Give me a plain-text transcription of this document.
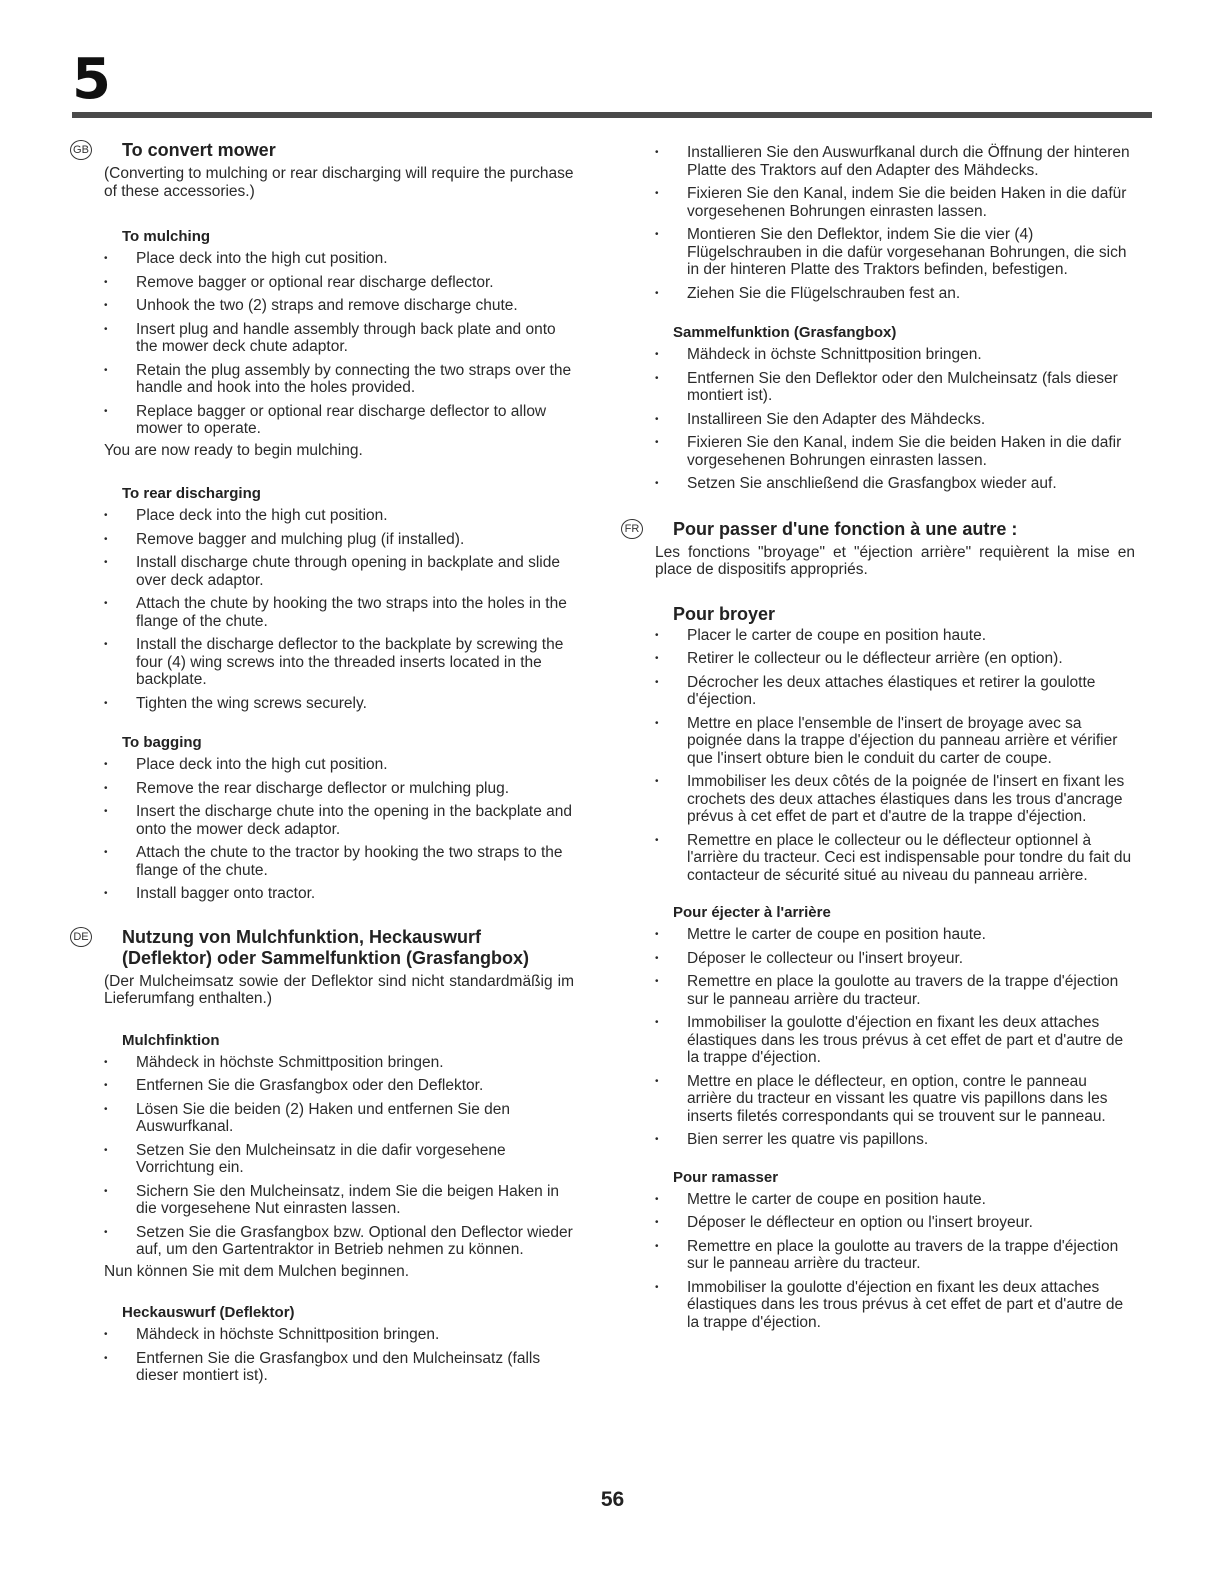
5
GB To convert mower

(Converting to mulching or rear discharging will require the purchase of these accessories.)

To mulching
• Place deck into the high cut position.
• Remove bagger or optional rear discharge deflector.
• Unhook the two (2) straps and remove discharge chute.
• Insert plug and handle assembly through back plate and onto the mower deck chute adaptor.
• Retain the plug assembly by connecting the two straps over the handle and hook into the holes provided.
• Replace bagger or optional rear discharge deflector to allow mower to operate.

You are now ready to begin mulching.

To rear discharging
• Place deck into the high cut position.
• Remove bagger and mulching plug (if installed).
• Install discharge chute through opening in backplate and slide over deck adaptor.
• Attach the chute by hooking the two straps into the holes in the flange of the chute.
• Install the discharge deflector to the backplate by screwing the four (4) wing screws into the threaded inserts located in the backplate.
• Tighten the wing screws securely.
To bagging
• Place deck into the high cut position.
• Remove the rear discharge deflector or mulching plug.
• Insert the discharge chute into the opening in the backplate and onto the mower deck adaptor.
• Attach the chute to the tractor by hooking the two straps to the flange of the chute.
• Install bagger onto tractor.
DE Nutzung von Mulchfunktion, Heckauswurf (Deflektor) oder Sammelfunktion (Grasfangbox)

(Der Mulcheimsatz sowie der Deflektor sind nicht standardmäßig im Lieferumfang enthalten.)

Mulchfinktion
• Mähdeck in höchste Schmittposition bringen.
• Entfernen Sie die Grasfangbox oder den Deflektor.
• Lösen Sie die beiden (2) Haken und entfernen Sie den Auswurfkanal.
• Setzen Sie den Mulcheinsatz in die dafir vorgesehene Vorrichtung ein.
• Sichern Sie den Mulcheinsatz, indem Sie die beigen Haken in die vorgesehene Nut einrasten lassen.
• Setzen Sie die Grasfangbox bzw. Optional den Deflector wieder auf, um den Gartentraktor in Betrieb nehmen zu können.

Nun können Sie mit dem Mulchen beginnen.

Heckauswurf (Deflektor)
• Mähdeck in höchste Schnittposition bringen.
• Entfernen Sie die Grasfangbox und den Mulcheinsatz (falls dieser montiert ist).
• Installieren Sie den Auswurfkanal durch die Öffnung der hinteren Platte des Traktors auf den Adapter des Mähdecks.
• Fixieren Sie den Kanal, indem Sie die beiden Haken in die dafür vorgesehenen Bohrungen einrasten lassen.
• Montieren Sie den Deflektor, indem Sie die vier (4) Flügelschrauben in die dafür vorgesehanan Bohrungen, die sich in der hinteren Platte des Traktors befinden, befestigen.
• Ziehen Sie die Flügelschrauben fest an.
Sammelfunktion (Grasfangbox)
• Mähdeck in öchste Schnittposition bringen.
• Entfernen Sie den Deflektor oder den Mulcheinsatz (fals dieser montiert ist).
• Installireen Sie den Adapter des Mähdecks.
• Fixieren Sie den Kanal, indem Sie die beiden Haken in die dafir vorgesehenen Bohrungen einrasten lassen.
• Setzen Sie anschließend die Grasfangbox wieder auf.
FR Pour passer d'une fonction à une autre :

Les fonctions "broyage" et "éjection arrière" requièrent la mise en place de dispositifs appropriés.

Pour broyer
• Placer le carter de coupe en position haute.
• Retirer le collecteur ou le déflecteur arrière (en option).
• Décrocher les deux attaches élastiques et retirer la goulotte d'éjection.
• Mettre en place l'ensemble de l'insert de broyage avec sa poignée dans la trappe d'éjection du panneau arrière et vérifier que l'insert obture bien le conduit du carter de coupe.
• Immobiliser les deux côtés de la poignée de l'insert en fixant les crochets des deux attaches élastiques dans les trous d'ancrage prévus à cet effet de part et d'autre de la trappe d'éjection.
• Remettre en place le collecteur ou le déflecteur optionnel à l'arrière du tracteur. Ceci est indispensable pour tondre du fait du contacteur de sécurité situé au niveau du panneau arrière.
Pour éjecter à l'arrière
• Mettre le carter de coupe en position haute.
• Déposer le collecteur ou l'insert broyeur.
• Remettre en place la goulotte au travers de la trappe d'éjection sur le panneau arrière du tracteur.
• Immobiliser la goulotte d'éjection en fixant les deux attaches élastiques dans les trous prévus à cet effet de part et d'autre de la trappe d'éjection.
• Mettre en place le déflecteur, en option, contre le panneau arrière du tracteur en vissant les quatre vis papillons dans les inserts filetés correspondants qui se trouvent sur le panneau.
• Bien serrer les quatre vis papillons.
Pour ramasser
• Mettre le carter de coupe en position haute.
• Déposer le déflecteur en option ou l'insert broyeur.
• Remettre en place la goulotte au travers de la trappe d'éjection sur le panneau arrière du tracteur.
• Immobiliser la goulotte d'éjection en fixant les deux attaches élastiques dans les trous prévus à cet effet de part et d'autre de la trappe d'éjection.
56
